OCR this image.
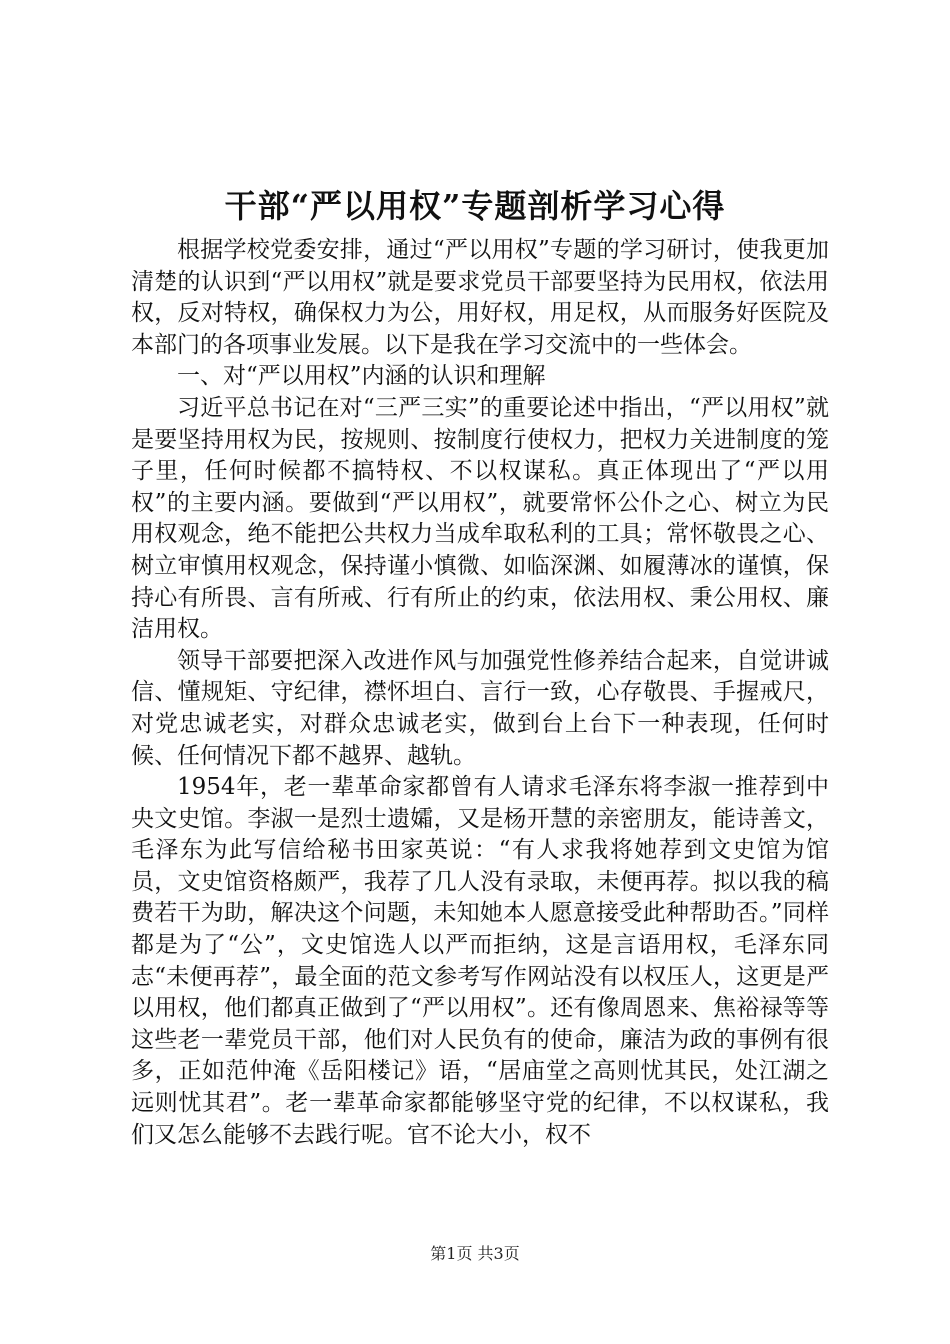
干部“严以用权”专题剖析学习心得

根据学校党委安排，通过“严以用权”专题的学习研讨，使我更加清楚的认识到“严以用权”就是要求党员干部要坚持为民用权，依法用权，反对特权，确保权力为公，用好权，用足权，从而服务好医院及本部门的各项事业发展。以下是我在学习交流中的一些体会。

一、对“严以用权”内涵的认识和理解

习近平总书记在对“三严三实”的重要论述中指出，“严以用权”就是要坚持用权为民，按规则、按制度行使权力，把权力关进制度的笼子里，任何时候都不搞特权、不以权谋私。真正体现出了“严以用权”的主要内涵。要做到“严以用权”，就要常怀公仆之心、树立为民用权观念，绝不能把公共权力当成牟取私利的工具；常怀敬畏之心、树立审慎用权观念，保持谨小慎微、如临深渊、如履薄冰的谨慎，保持心有所畏、言有所戒、行有所止的约束，依法用权、秉公用权、廉洁用权。

领导干部要把深入改进作风与加强党性修养结合起来，自觉讲诚信、懂规矩、守纪律，襟怀坦白、言行一致，心存敬畏、手握戒尺，对党忠诚老实，对群众忠诚老实，做到台上台下一种表现，任何时候、任何情况下都不越界、越轨。

1954年，老一辈革命家都曾有人请求毛泽东将李淑一推荐到中央文史馆。李淑一是烈士遗孀，又是杨开慧的亲密朋友，能诗善文，毛泽东为此写信给秘书田家英说：“有人求我将她荐到文史馆为馆员，文史馆资格颇严，我荐了几人没有录取，未便再荐。拟以我的稿费若干为助，解决这个问题，未知她本人愿意接受此种帮助否。”同样都是为了“公”，文史馆选人以严而拒纳，这是言语用权，毛泽东同志“未便再荐”，最全面的范文参考写作网站没有以权压人，这更是严以用权，他们都真正做到了“严以用权”。还有像周恩来、焦裕禄等等这些老一辈党员干部，他们对人民负有的使命，廉洁为政的事例有很多，正如范仲淹《岳阳楼记》语，“居庙堂之高则忧其民，处江湖之远则忧其君”。老一辈革命家都能够坚守党的纪律，不以权谋私，我们又怎么能够不去践行呢。官不论大小，权不

第1页 共3页
